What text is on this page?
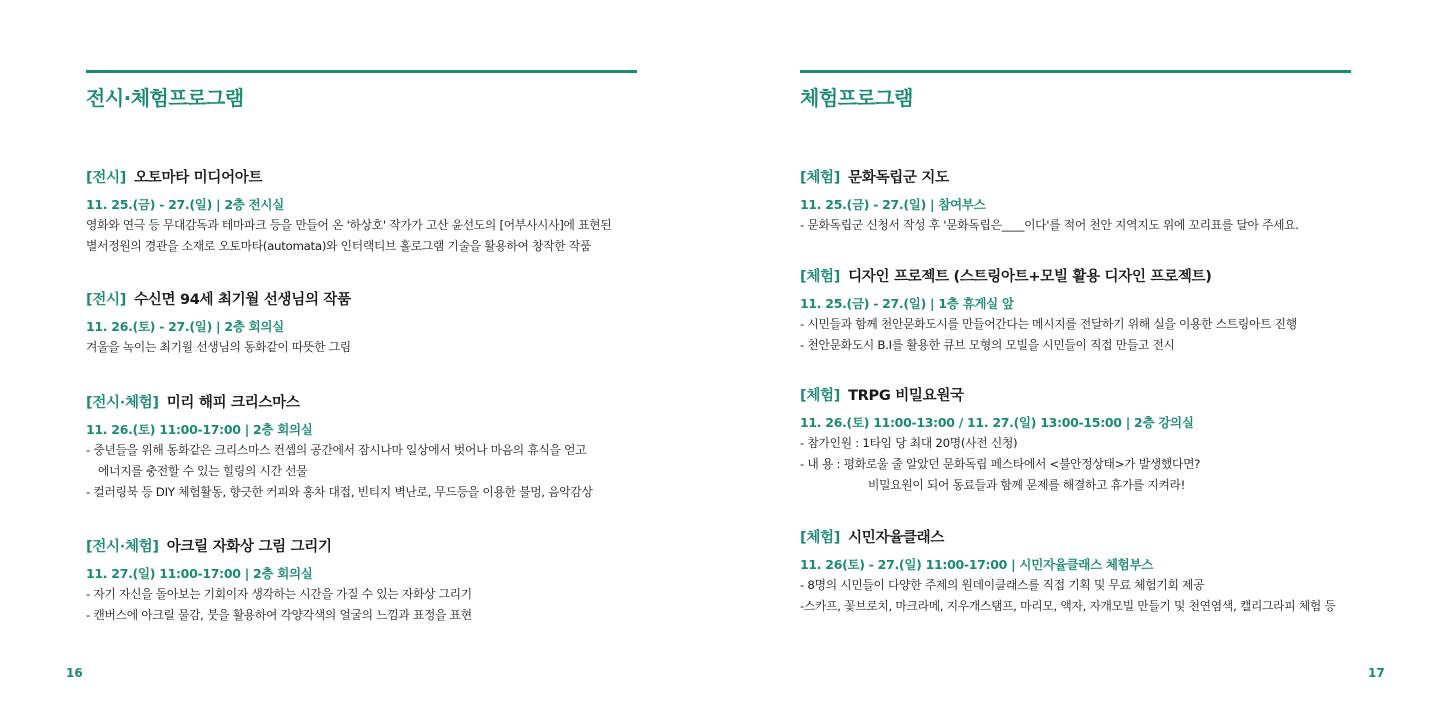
전시·체험프로그램
[전시] 오토마타 미디어아트
11. 25.(금) - 27.(일) | 2층 전시실
영화와 연극 등 무대감독과 테마파크 등을 만들어 온 '하상호' 작가가 고산 윤선도의 [어부사시사]에 표현된
별서정원의 경관을 소재로 오토마타(automata)와 인터랙티브 홀로그램 기술을 활용하여 창작한 작품
[전시] 수신면 94세 최기월 선생님의 작품
11. 26.(토) - 27.(일) | 2층 회의실
겨울을 녹이는 최기월 선생님의 동화같이 따뜻한 그림
[전시·체험] 미리 해피 크리스마스
11. 26.(토) 11:00-17:00 | 2층 회의실
- 중년들을 위해 동화같은 크리스마스 컨셉의 공간에서 잠시나마 일상에서 벗어나 마음의 휴식을 얻고
에너지를 충전할 수 있는 힐링의 시간 선물
- 컬러링북 등 DIY 체험활동, 향긋한 커피와 홍차 대접, 빈티지 벽난로, 무드등을 이용한 불멍, 음악감상
[전시·체험] 아크릴 자화상 그림 그리기
11. 27.(일) 11:00-17:00 | 2층 회의실
- 자기 자신을 돌아보는 기회이자 생각하는 시간을 가질 수 있는 자화상 그리기
- 캔버스에 아크릴 물감, 붓을 활용하여 각양각색의 얼굴의 느낌과 표정을 표현
16
체험프로그램
[체험] 문화독립군 지도
11. 25.(금) - 27.(일) | 참여부스
- 문화독립군 신청서 작성 후 '문화독립은____이다'를 적어 천안 지역지도 위에 꼬리표를 달아 주세요.
[체험] 디자인 프로젝트 (스트링아트+모빌 활용 디자인 프로젝트)
11. 25.(금) - 27.(일) | 1층 휴게실 앞
- 시민들과 함께 천안문화도시를 만들어간다는 메시지를 전달하기 위해 실을 이용한 스트링아트 진행
- 천안문화도시 B.I를 활용한 큐브 모형의 모빌을 시민들이 직접 만들고 전시
[체험] TRPG 비밀요원국
11. 26.(토) 11:00-13:00 / 11. 27.(일) 13:00-15:00 | 2층 강의실
- 참가인원 : 1타임 당 최대 20명(사전 신청)
- 내 용 : 평화로울 줄 알았던 문화독립 페스타에서 <불안정상태>가 발생했다면?
비밀요원이 되어 동료들과 함께 문제를 해결하고 휴가를 지켜라!
[체험] 시민자율클래스
11. 26(토) - 27.(일) 11:00-17:00 | 시민자율클래스 체험부스
- 8명의 시민들이 다양한 주제의 원데이클래스를 직접 기획 및 무료 체험기회 제공
-스카프, 꽃브로치, 마크라메, 지우개스탬프, 마리모, 액자, 자개모빌 만들기 및 천연염색, 캘리그라피 체험 등
17
